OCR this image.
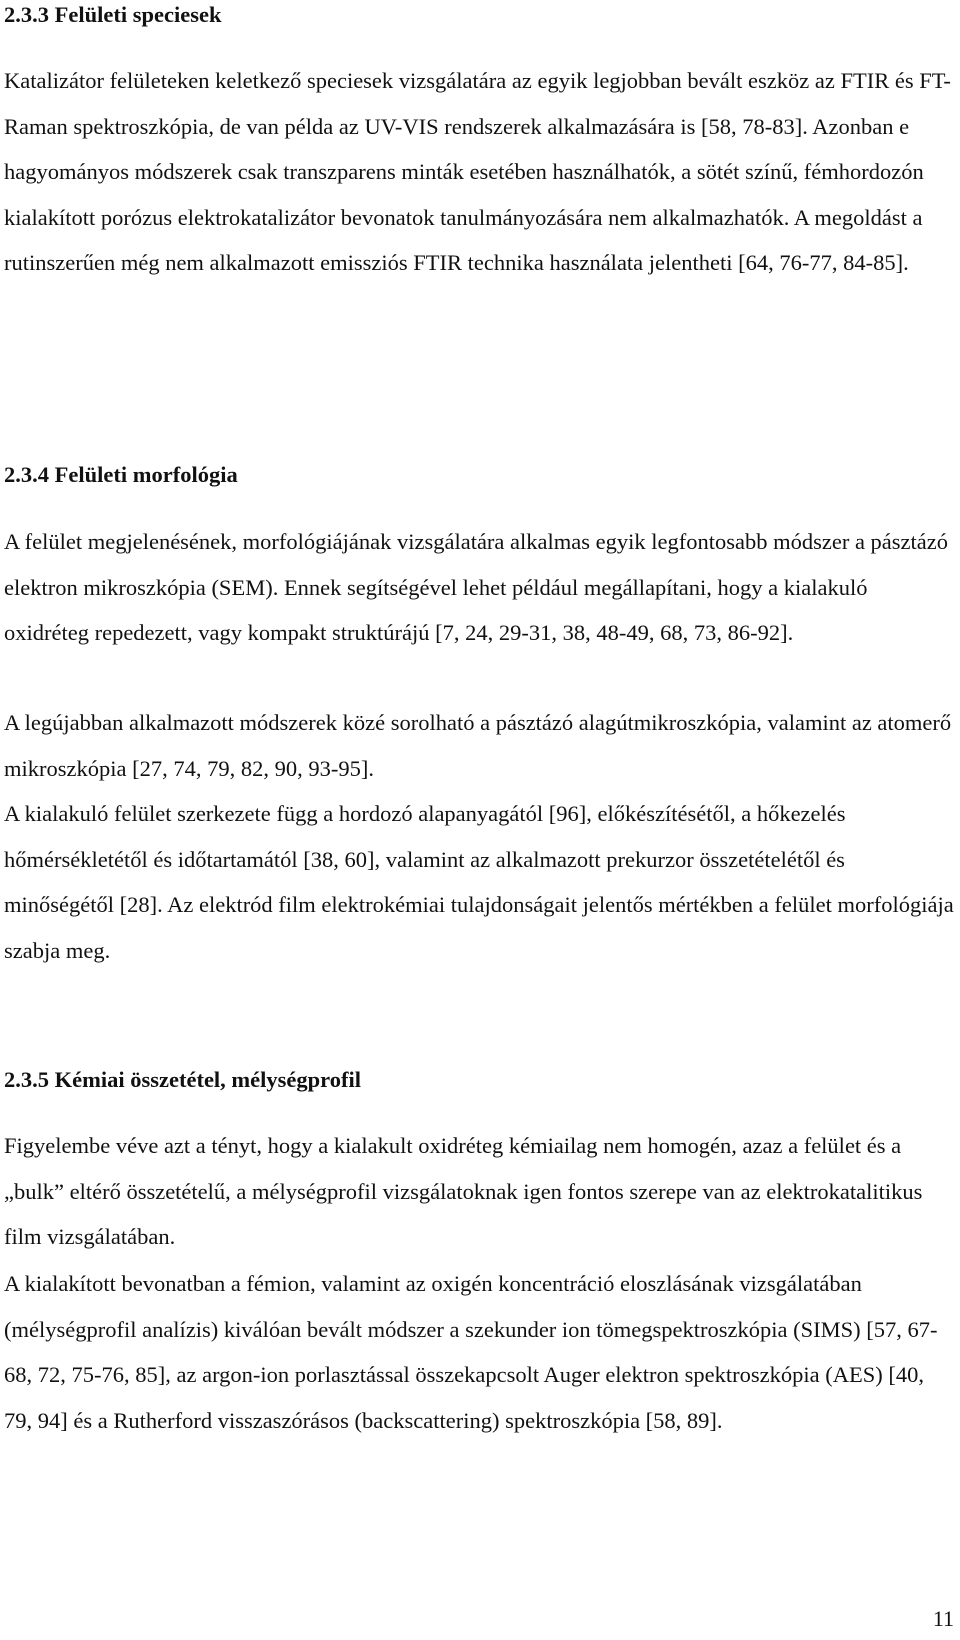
2.3.3 Felületi speciesek

Katalizátor felületeken keletkező speciesek vizsgálatára az egyik legjobban bevált eszköz az FTIR és FT-Raman spektroszkópia, de van példa az UV-VIS rendszerek alkalmazására is [58, 78-83]. Azonban e hagyományos módszerek csak transzparens minták esetében használhatók, a sötét színű, fémhordozón kialakított porózus elektrokatalizátor bevonatok tanulmányozására nem alkalmazhatók. A megoldást a rutinszerűen még nem alkalmazott emissziós FTIR technika használata jelentheti [64, 76-77, 84-85].

2.3.4 Felületi morfológia

A felület megjelenésének, morfológiájának vizsgálatára alkalmas egyik legfontosabb módszer a pásztázó elektron mikroszkópia (SEM). Ennek segítségével lehet például megállapítani, hogy a kialakuló oxidréteg repedezett, vagy kompakt struktúrájú [7, 24, 29-31, 38, 48-49, 68, 73, 86-92].

A legújabban alkalmazott módszerek közé sorolható a pásztázó alagútmikroszkópia, valamint az atomerő mikroszkópia [27, 74, 79, 82, 90, 93-95].

A kialakuló felület szerkezete függ a hordozó alapanyagától [96], előkészítésétől, a hőkezelés hőmérsékletétől és időtartamától [38, 60], valamint az alkalmazott prekurzor összetételétől és minőségétől [28]. Az elektród film elektrokémiai tulajdonságait jelentős mértékben a felület morfológiája szabja meg.

2.3.5 Kémiai összetétel, mélységprofil

Figyelembe véve azt a tényt, hogy a kialakult oxidréteg kémiailag nem homogén, azaz a felület és a „bulk” eltérő összetételű, a mélységprofil vizsgálatoknak igen fontos szerepe van az elektrokatalitikus film vizsgálatában.

A kialakított bevonatban a fémion, valamint az oxigén koncentráció eloszlásának vizsgálatában (mélységprofil analízis) kiválóan bevált módszer a szekunder ion tömegspektroszkópia (SIMS) [57, 67-68, 72, 75-76, 85], az argon-ion porlasztással összekapcsolt Auger elektron spektroszkópia (AES) [40, 79, 94] és a Rutherford visszaszórásos (backscattering) spektroszkópia [58, 89].

11
